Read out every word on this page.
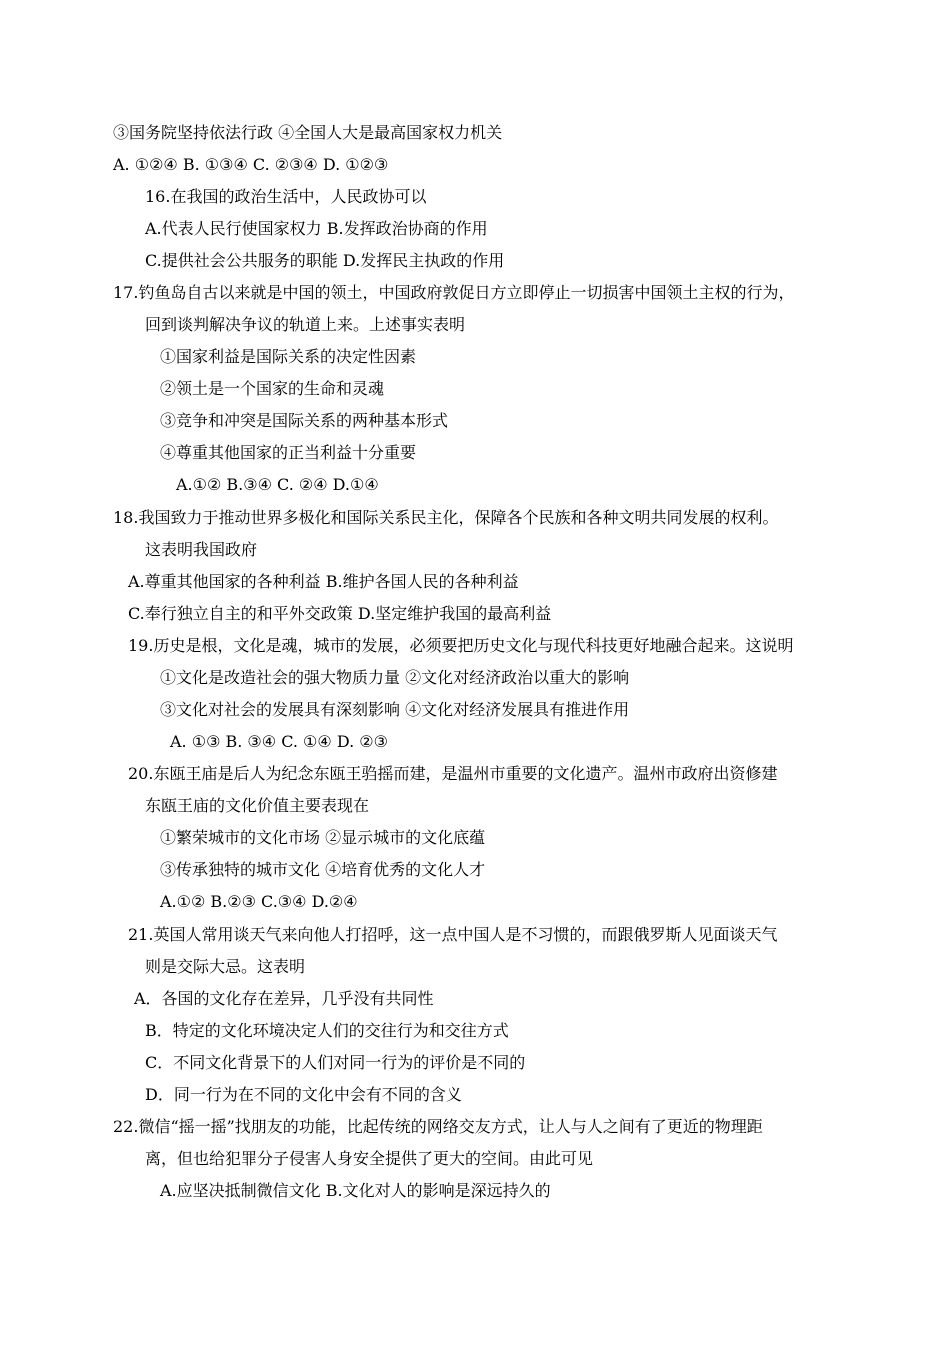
③国务院坚持依法行政 ④全国人大是最高国家权力机关
A. ①②④ B. ①③④ C. ②③④ D. ①②③
16.在我国的政治生活中，人民政协可以
A.代表人民行使国家权力 B.发挥政治协商的作用
C.提供社会公共服务的职能 D.发挥民主执政的作用
17.钓鱼岛自古以来就是中国的领土，中国政府敦促日方立即停止一切损害中国领土主权的行为，
回到谈判解决争议的轨道上来。上述事实表明
①国家利益是国际关系的决定性因素
②领土是一个国家的生命和灵魂
③竞争和冲突是国际关系的两种基本形式
④尊重其他国家的正当利益十分重要
A.①② B.③④ C. ②④ D.①④
18.我国致力于推动世界多极化和国际关系民主化，保障各个民族和各种文明共同发展的权利。
这表明我国政府
A.尊重其他国家的各种利益 B.维护各国人民的各种利益
C.奉行独立自主的和平外交政策 D.坚定维护我国的最高利益
19.历史是根，文化是魂，城市的发展，必须要把历史文化与现代科技更好地融合起来。这说明
①文化是改造社会的强大物质力量 ②文化对经济政治以重大的影响
③文化对社会的发展具有深刻影响 ④文化对经济发展具有推进作用
A. ①③ B. ③④ C. ①④ D. ②③
20.东瓯王庙是后人为纪念东瓯王驺摇而建，是温州市重要的文化遗产。温州市政府出资修建
东瓯王庙的文化价值主要表现在
①繁荣城市的文化市场 ②显示城市的文化底蕴
③传承独特的城市文化 ④培育优秀的文化人才
A.①② B.②③ C.③④ D.②④
21.英国人常用谈天气来向他人打招呼，这一点中国人是不习惯的，而跟俄罗斯人见面谈天气
则是交际大忌。这表明
A．各国的文化存在差异，几乎没有共同性
B．特定的文化环境决定人们的交往行为和交往方式
C．不同文化背景下的人们对同一行为的评价是不同的
D．同一行为在不同的文化中会有不同的含义
22.微信“摇一摇”找朋友的功能，比起传统的网络交友方式，让人与人之间有了更近的物理距
离，但也给犯罪分子侵害人身安全提供了更大的空间。由此可见
A.应坚决抵制微信文化 B.文化对人的影响是深远持久的
